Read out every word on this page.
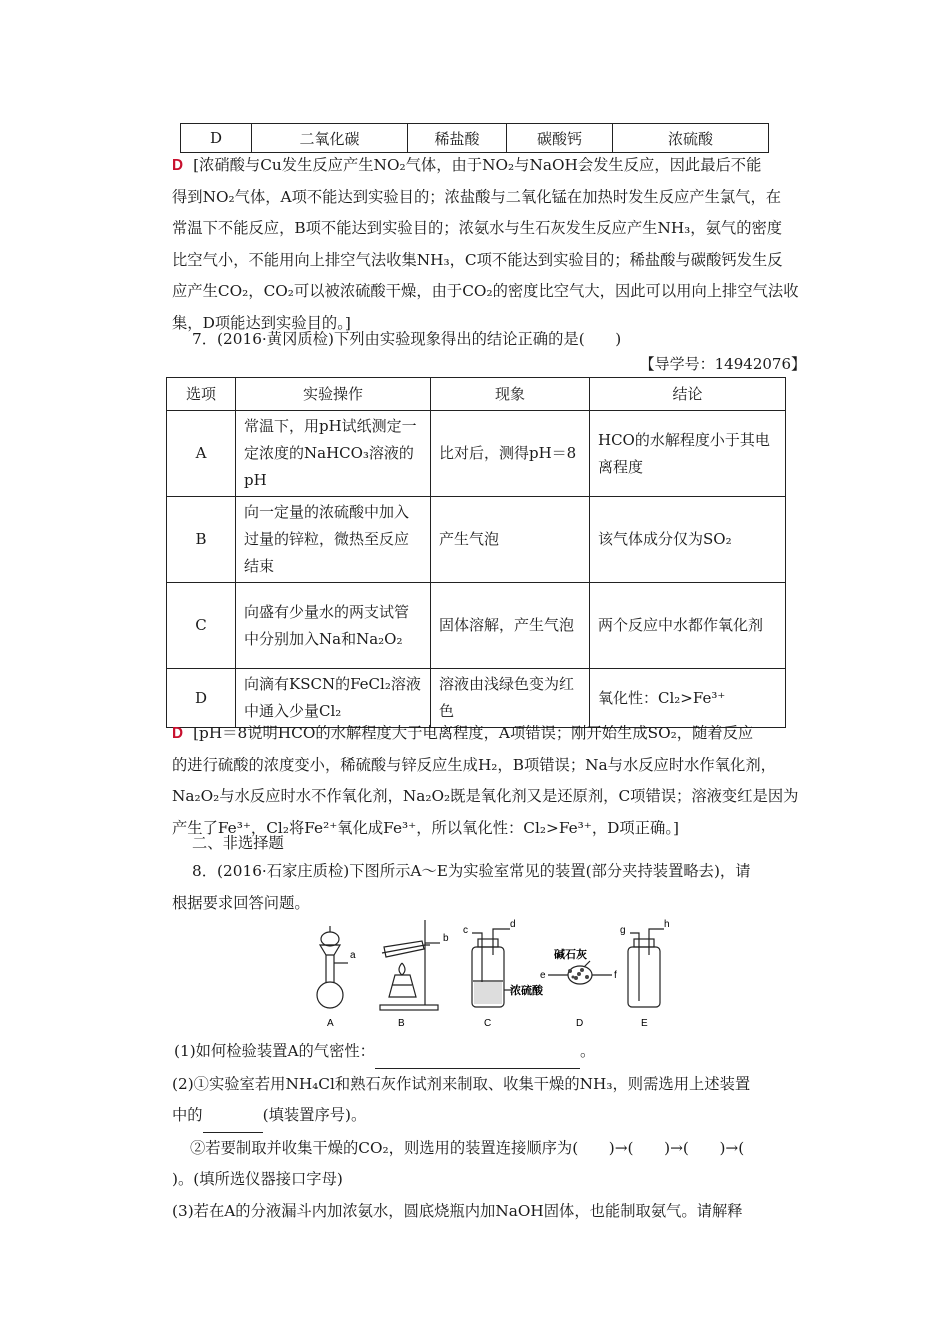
D	二氧化碳	稀盐酸	碳酸钙	浓硫酸

D [浓硝酸与Cu发生反应产生NO₂气体，由于NO₂与NaOH会发生反应，因此最后不能

得到NO₂气体，A项不能达到实验目的；浓盐酸与二氧化锰在加热时发生反应产生氯气，在

常温下不能反应，B项不能达到实验目的；浓氨水与生石灰发生反应产生NH₃，氨气的密度

比空气小，不能用向上排空气法收集NH₃，C项不能达到实验目的；稀盐酸与碳酸钙发生反

应产生CO₂，CO₂可以被浓硫酸干燥，由于CO₂的密度比空气大，因此可以用向上排空气法收

集，D项能达到实验目的。]

7．(2016·黄冈质检)下列由实验现象得出的结论正确的是(　　)
【导学号：14942076】
选项	实验操作	现象	结论
A	常温下，用pH试纸测定一定浓度的NaHCO₃溶液的pH	比对后，测得pH＝8	HCO的水解程度小于其电离程度
B	向一定量的浓硫酸中加入过量的锌粒，微热至反应结束	产生气泡	该气体成分仅为SO₂
C	向盛有少量水的两支试管中分别加入Na和Na₂O₂	固体溶解，产生气泡	两个反应中水都作氧化剂
D	向滴有KSCN的FeCl₂溶液中通入少量Cl₂	溶液由浅绿色变为红色	氧化性：Cl₂>Fe³⁺

D [pH＝8说明HCO的水解程度大于电离程度，A项错误；刚开始生成SO₂，随着反应

的进行硫酸的浓度变小，稀硫酸与锌反应生成H₂，B项错误；Na与水反应时水作氧化剂，

Na₂O₂与水反应时水不作氧化剂，Na₂O₂既是氧化剂又是还原剂，C项错误；溶液变红是因为

产生了Fe³⁺，Cl₂将Fe²⁺氧化成Fe³⁺，所以氧化性：Cl₂>Fe³⁺，D项正确。]

二、非选择题

8．(2016·石家庄质检)下图所示A～E为实验室常见的装置(部分夹持装置略去)，请

根据要求回答问题。

A	B	C	D	E
a
b
c
d
e	f
g
h
浓硫酸
碱石灰

(1)如何检验装置A的气密性：	。

(2)①实验室若用NH₄Cl和熟石灰作试剂来制取、收集干燥的NH₃，则需选用上述装置

中的	(填装置序号)。

②若要制取并收集干燥的CO₂，则选用的装置连接顺序为(　　)→(　　)→(　　)→(

)。(填所选仪器接口字母)

(3)若在A的分液漏斗内加浓氨水，圆底烧瓶内加NaOH固体，也能制取氨气。请解释
